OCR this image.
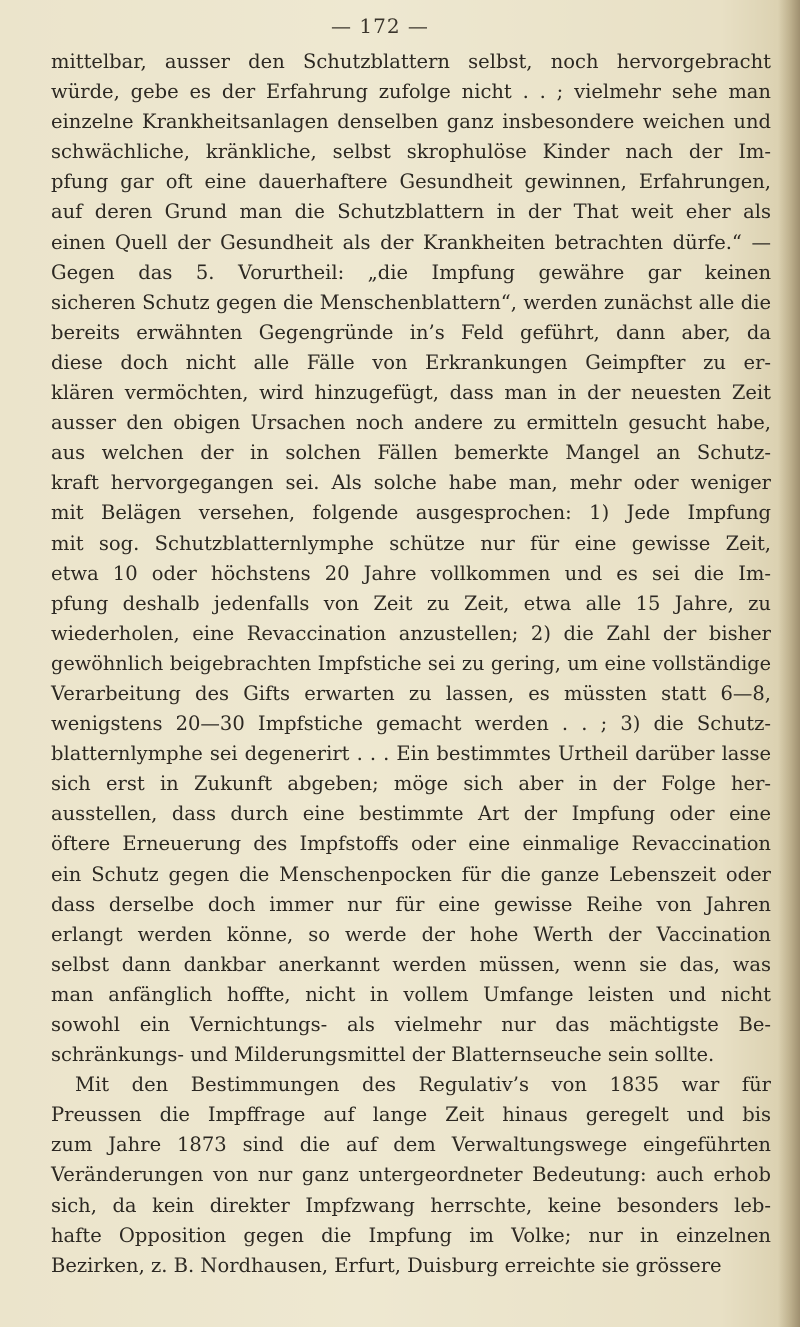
— 172 —
mittelbar, ausser den Schutzblattern selbst, noch hervorgebracht
würde, gebe es der Erfahrung zufolge nicht . . ; vielmehr sehe man
einzelne Krankheitsanlagen denselben ganz insbesondere weichen und
schwächliche, kränkliche, selbst skrophulöse Kinder nach der Im-
pfung gar oft eine dauerhaftere Gesundheit gewinnen, Erfahrungen,
auf deren Grund man die Schutzblattern in der That weit eher als
einen Quell der Gesundheit als der Krankheiten betrachten dürfe.“ —
Gegen das 5. Vorurtheil: „die Impfung gewähre gar keinen
sicheren Schutz gegen die Menschenblattern“, werden zunächst alle die
bereits erwähnten Gegengründe in’s Feld geführt, dann aber, da
diese doch nicht alle Fälle von Erkrankungen Geimpfter zu er-
klären vermöchten, wird hinzugefügt, dass man in der neuesten Zeit
ausser den obigen Ursachen noch andere zu ermitteln gesucht habe,
aus welchen der in solchen Fällen bemerkte Mangel an Schutz-
kraft hervorgegangen sei. Als solche habe man, mehr oder weniger
mit Belägen versehen, folgende ausgesprochen: 1) Jede Impfung
mit sog. Schutzblatternlymphe schütze nur für eine gewisse Zeit,
etwa 10 oder höchstens 20 Jahre vollkommen und es sei die Im-
pfung deshalb jedenfalls von Zeit zu Zeit, etwa alle 15 Jahre, zu
wiederholen, eine Revaccination anzustellen; 2) die Zahl der bisher
gewöhnlich beigebrachten Impfstiche sei zu gering, um eine vollständige
Verarbeitung des Gifts erwarten zu lassen, es müssten statt 6—8,
wenigstens 20—30 Impfstiche gemacht werden . . ; 3) die Schutz-
blatternlymphe sei degenerirt . . . Ein bestimmtes Urtheil darüber lasse
sich erst in Zukunft abgeben; möge sich aber in der Folge her-
ausstellen, dass durch eine bestimmte Art der Impfung oder eine
öftere Erneuerung des Impfstoffs oder eine einmalige Revaccination
ein Schutz gegen die Menschenpocken für die ganze Lebenszeit oder
dass derselbe doch immer nur für eine gewisse Reihe von Jahren
erlangt werden könne, so werde der hohe Werth der Vaccination
selbst dann dankbar anerkannt werden müssen, wenn sie das, was
man anfänglich hoffte, nicht in vollem Umfange leisten und nicht
sowohl ein Vernichtungs- als vielmehr nur das mächtigste Be-
schränkungs- und Milderungsmittel der Blatternseuche sein sollte.
Mit den Bestimmungen des Regulativ’s von 1835 war für
Preussen die Impffrage auf lange Zeit hinaus geregelt und bis
zum Jahre 1873 sind die auf dem Verwaltungswege eingeführten
Veränderungen von nur ganz untergeordneter Bedeutung: auch erhob
sich, da kein direkter Impfzwang herrschte, keine besonders leb-
hafte Opposition gegen die Impfung im Volke; nur in einzelnen
Bezirken, z. B. Nordhausen, Erfurt, Duisburg erreichte sie grössere
